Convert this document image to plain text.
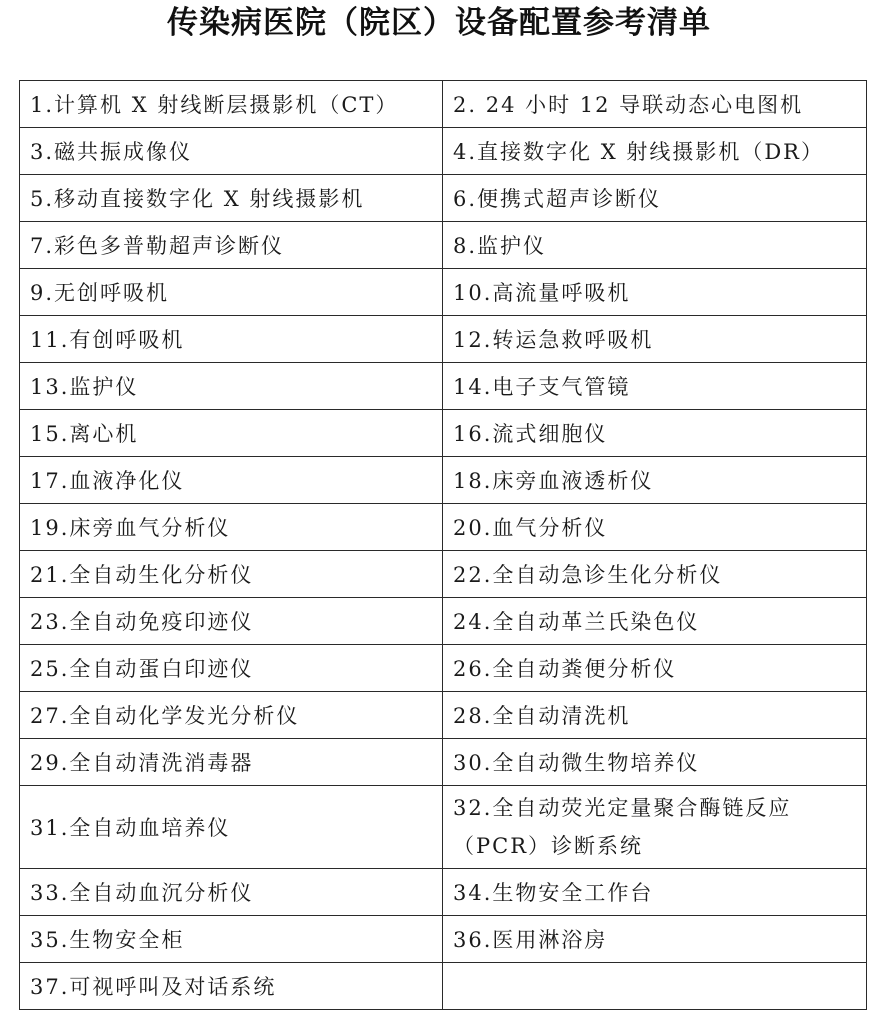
传染病医院（院区）设备配置参考清单
1.计算机 X 射线断层摄影机（CT）	2. 24 小时 12 导联动态心电图机
3.磁共振成像仪	4.直接数字化 X 射线摄影机（DR）
5.移动直接数字化 X 射线摄影机	6.便携式超声诊断仪
7.彩色多普勒超声诊断仪	8.监护仪
9.无创呼吸机	10.高流量呼吸机
11.有创呼吸机	12.转运急救呼吸机
13.监护仪	14.电子支气管镜
15.离心机	16.流式细胞仪
17.血液净化仪	18.床旁血液透析仪
19.床旁血气分析仪	20.血气分析仪
21.全自动生化分析仪	22.全自动急诊生化分析仪
23.全自动免疫印迹仪	24.全自动革兰氏染色仪
25.全自动蛋白印迹仪	26.全自动粪便分析仪
27.全自动化学发光分析仪	28.全自动清洗机
29.全自动清洗消毒器	30.全自动微生物培养仪
31.全自动血培养仪	32.全自动荧光定量聚合酶链反应（PCR）诊断系统
33.全自动血沉分析仪	34.生物安全工作台
35.生物安全柜	36.医用淋浴房
37.可视呼叫及对话系统	
